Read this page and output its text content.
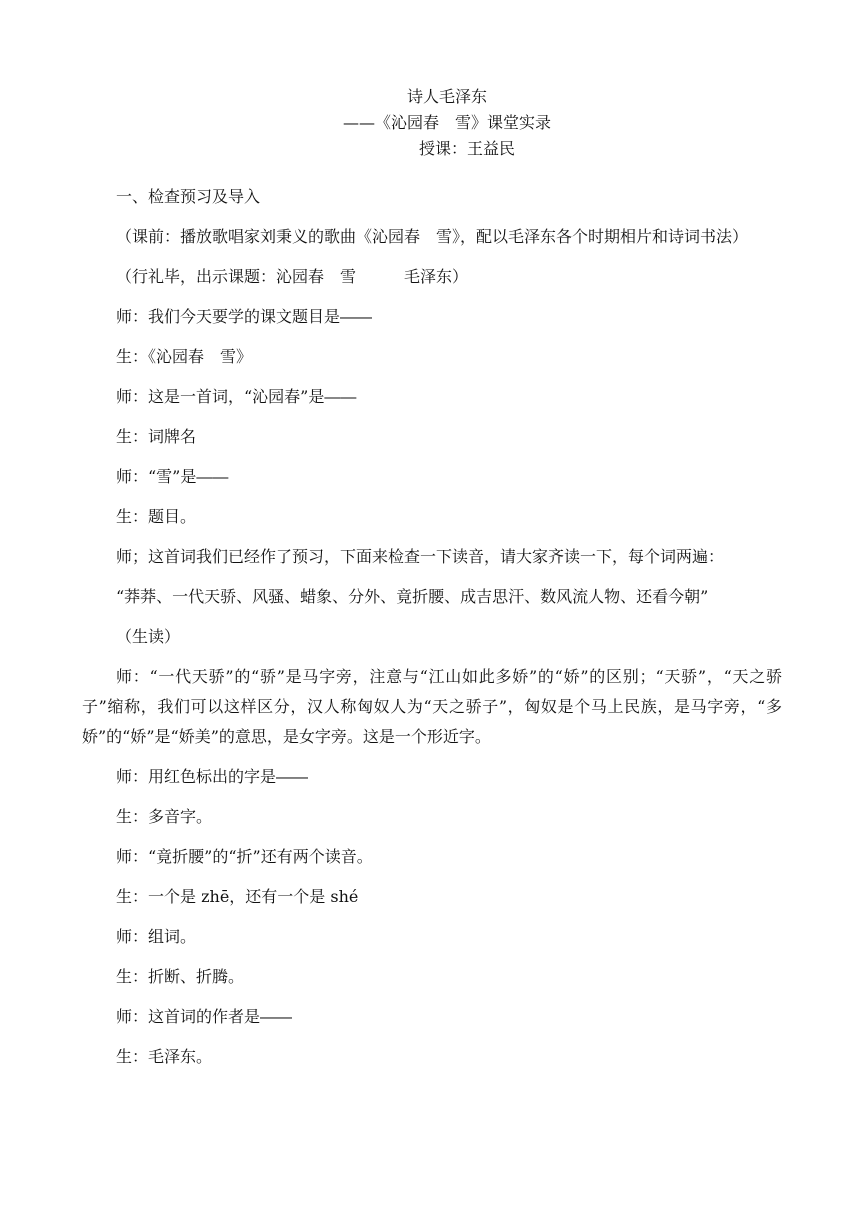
诗人毛泽东
——《沁园春　雪》课堂实录
授课：王益民

一、检查预习及导入

（课前：播放歌唱家刘秉义的歌曲《沁园春　雪》，配以毛泽东各个时期相片和诗词书法）

（行礼毕，出示课题：沁园春　雪　　　毛泽东）

师：我们今天要学的课文题目是――

生：《沁园春　雪》

师：这是一首词，“沁园春”是――

生：词牌名

师：“雪”是――

生：题目。

师；这首词我们已经作了预习，下面来检查一下读音，请大家齐读一下，每个词两遍：

“莽莽、一代天骄、风骚、蜡象、分外、竟折腰、成吉思汗、数风流人物、还看今朝”

（生读）

师：“一代天骄”的“骄”是马字旁，注意与“江山如此多娇”的“娇”的区别；“天骄”，“天之骄子”缩称，我们可以这样区分，汉人称匈奴人为“天之骄子”，匈奴是个马上民族，是马字旁，“多娇”的“娇”是“娇美”的意思，是女字旁。这是一个形近字。

师：用红色标出的字是――

生：多音字。

师：“竟折腰”的“折”还有两个读音。

生：一个是 zhē，还有一个是 shé

师：组词。

生：折断、折腾。

师：这首词的作者是――

生：毛泽东。
